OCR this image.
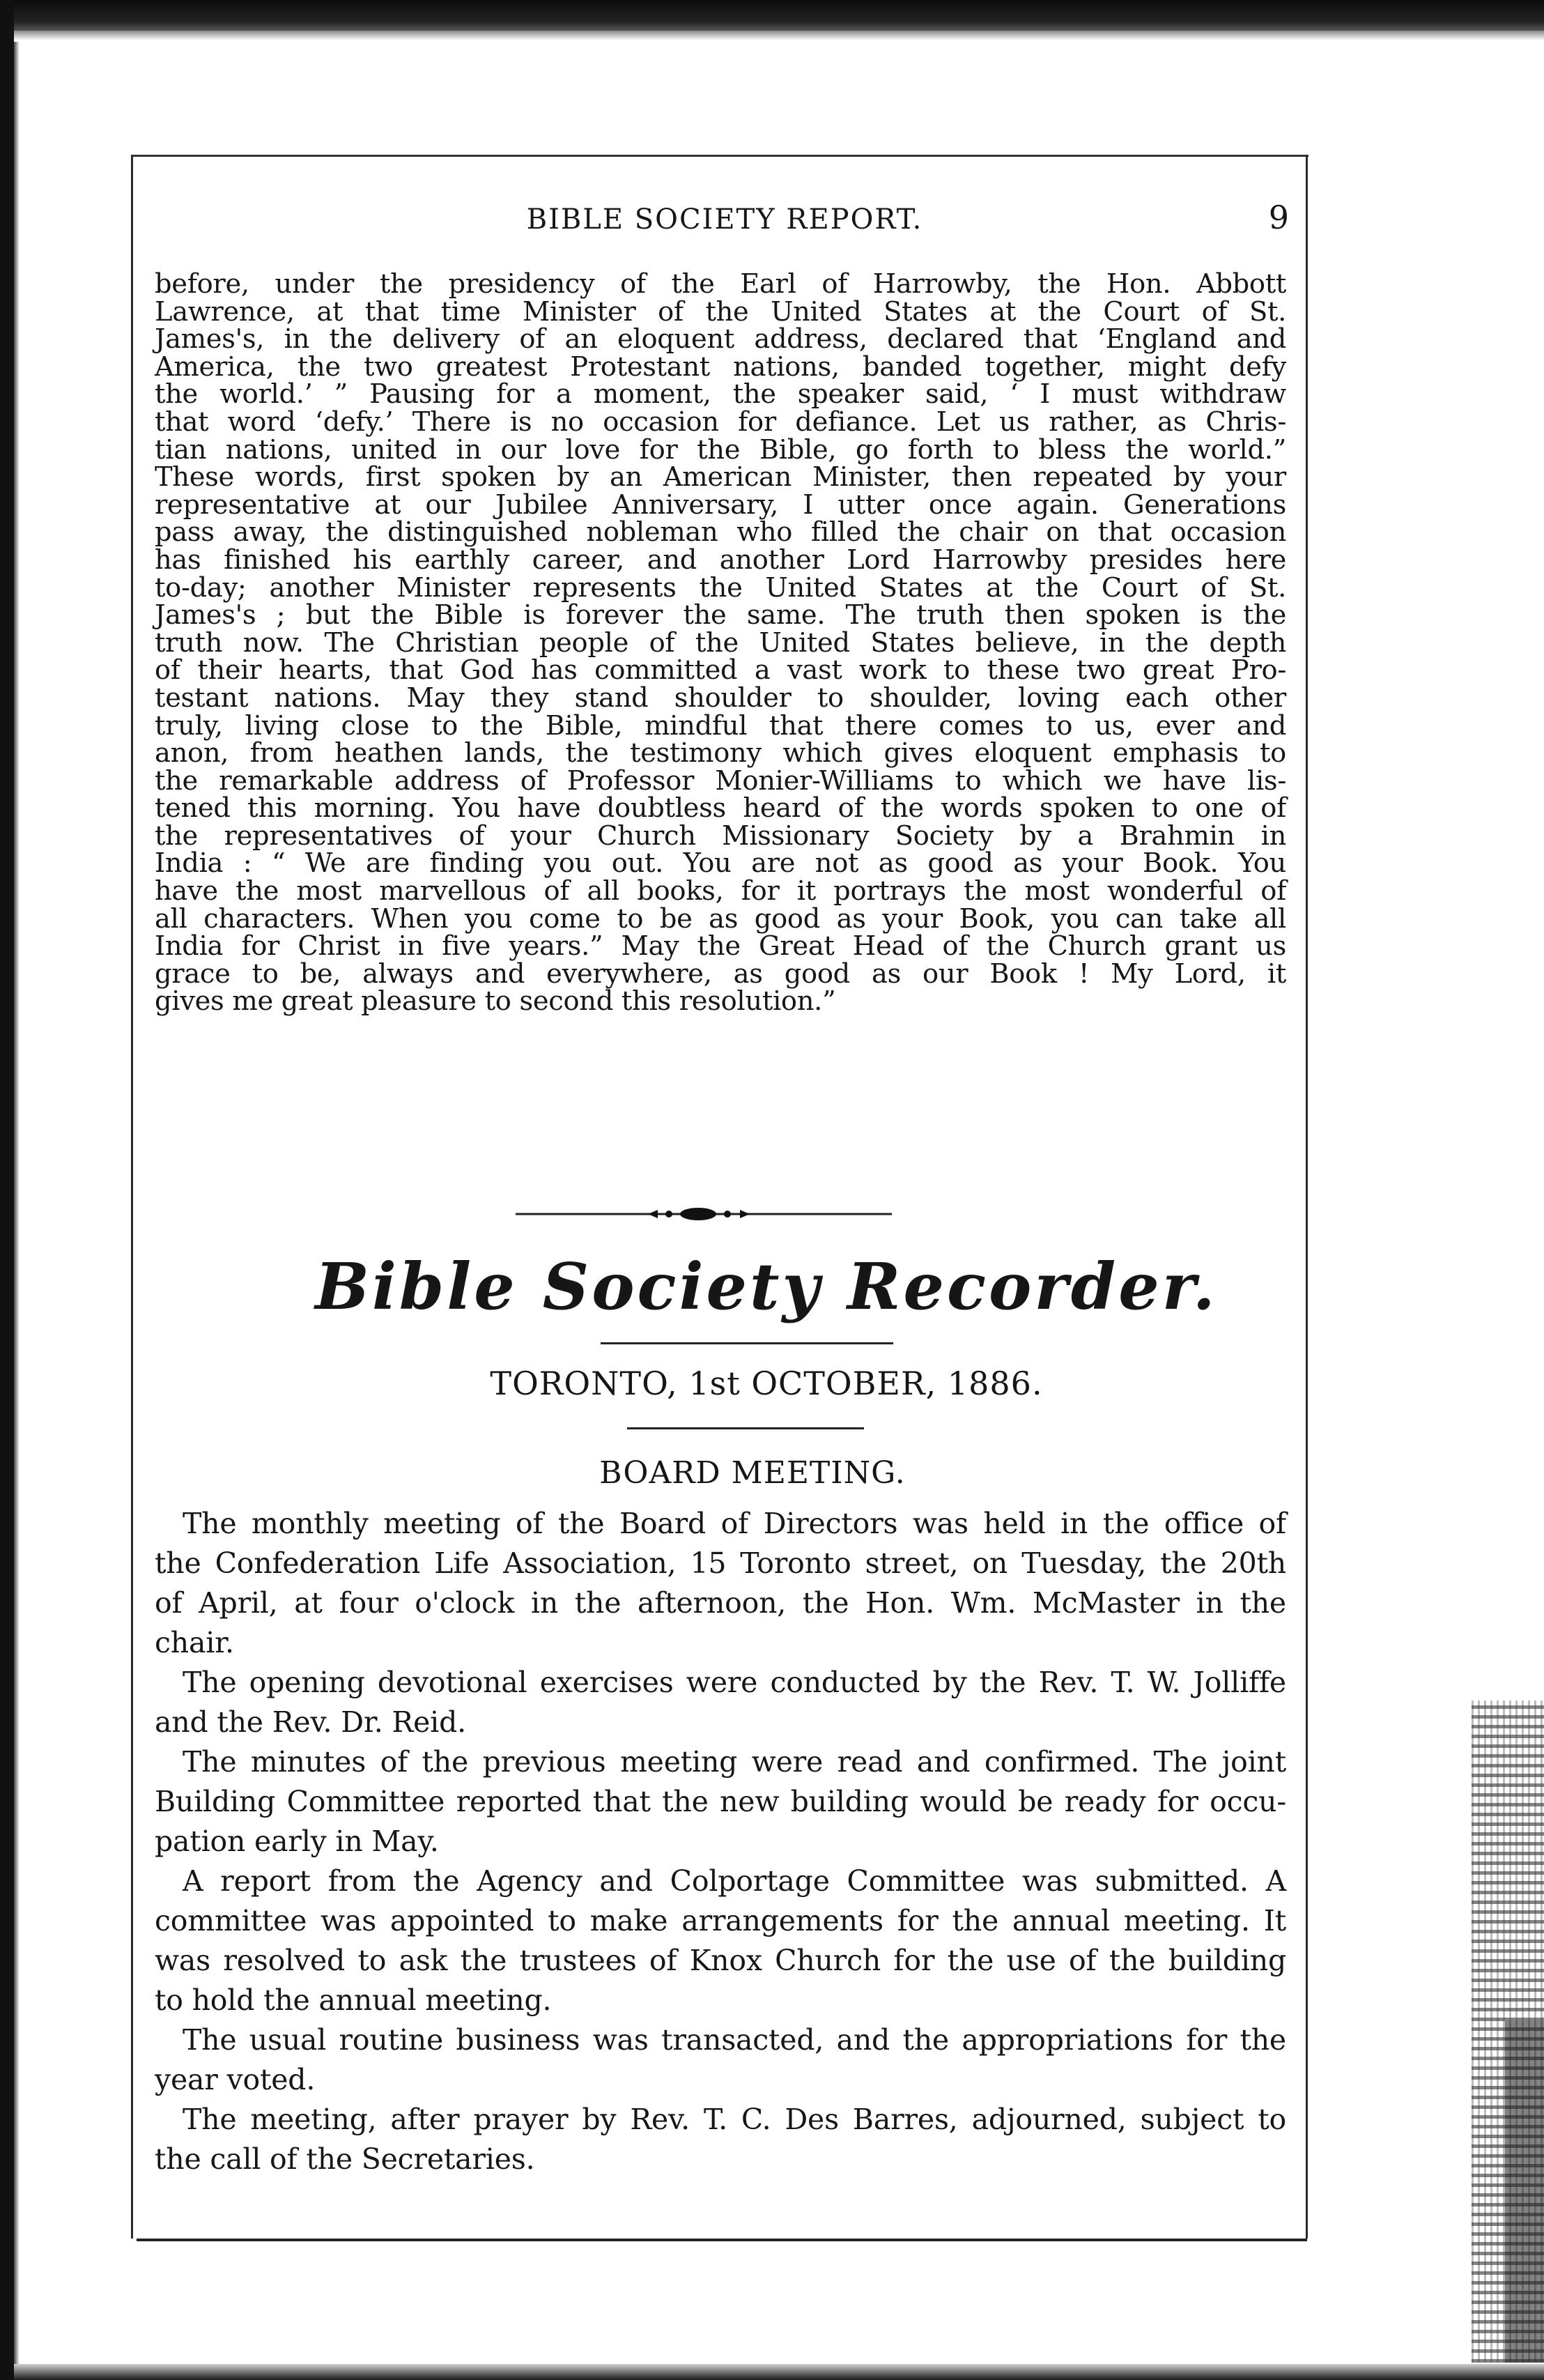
BIBLE SOCIETY REPORT.	9
before, under the presidency of the Earl of Harrowby, the Hon. Abbott
Lawrence, at that time Minister of the United States at the Court of St.
James's, in the delivery of an eloquent address, declared that ‘England and
America, the two greatest Protestant nations, banded together, might defy
the world.’ ” Pausing for a moment, the speaker said, ‘ I must withdraw
that word ‘defy.’ There is no occasion for defiance. Let us rather, as Chris-
tian nations, united in our love for the Bible, go forth to bless the world.”
These words, first spoken by an American Minister, then repeated by your
representative at our Jubilee Anniversary, I utter once again. Generations
pass away, the distinguished nobleman who filled the chair on that occasion
has finished his earthly career, and another Lord Harrowby presides here
to-day; another Minister represents the United States at the Court of St.
James's ; but the Bible is forever the same. The truth then spoken is the
truth now. The Christian people of the United States believe, in the depth
of their hearts, that God has committed a vast work to these two great Pro-
testant nations. May they stand shoulder to shoulder, loving each other
truly, living close to the Bible, mindful that there comes to us, ever and
anon, from heathen lands, the testimony which gives eloquent emphasis to
the remarkable address of Professor Monier-Williams to which we have lis-
tened this morning. You have doubtless heard of the words spoken to one of
the representatives of your Church Missionary Society by a Brahmin in
India : “ We are finding you out. You are not as good as your Book. You
have the most marvellous of all books, for it portrays the most wonderful of
all characters. When you come to be as good as your Book, you can take all
India for Christ in five years.” May the Great Head of the Church grant us
grace to be, always and everywhere, as good as our Book ! My Lord, it
gives me great pleasure to second this resolution.”
Bible Society Recorder.
TORONTO, 1st OCTOBER, 1886.
BOARD MEETING.
The monthly meeting of the Board of Directors was held in the office of
the Confederation Life Association, 15 Toronto street, on Tuesday, the 20th
of April, at four o'clock in the afternoon, the Hon. Wm. McMaster in the
chair.
The opening devotional exercises were conducted by the Rev. T. W. Jolliffe
and the Rev. Dr. Reid.
The minutes of the previous meeting were read and confirmed. The joint
Building Committee reported that the new building would be ready for occu-
pation early in May.
A report from the Agency and Colportage Committee was submitted. A
committee was appointed to make arrangements for the annual meeting. It
was resolved to ask the trustees of Knox Church for the use of the building
to hold the annual meeting.
The usual routine business was transacted, and the appropriations for the
year voted.
The meeting, after prayer by Rev. T. C. Des Barres, adjourned, subject to
the call of the Secretaries.
